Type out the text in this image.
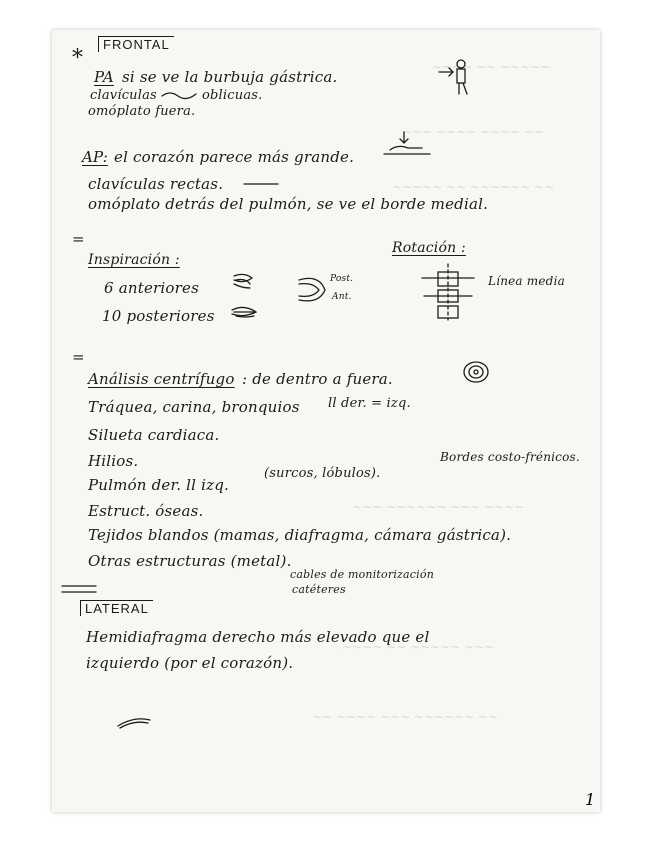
~~~~ ~~ ~~~~~
~~~ ~~~~ ~~~~ ~~
~~~~~ ~~ ~~~~~~ ~~
~~~ ~~~~~~ ~~~ ~~~~
~~~~ ~~ ~~~~~ ~~~
~~ ~~~~ ~~~ ~~~~~~ ~~
*
FRONTAL
PA si se ve la burbuja gástrica.
clavículas	oblicuas.
omóplato fuera.
AP: el corazón parece más grande.
clavículas rectas.
omóplato detrás del pulmón, se ve el borde medial.
=
Inspiración :
6 anteriores
10 posteriores
Post.
Ant.
Rotación :
Línea media
=
Análisis centrífugo : de dentro a fuera.
Tráquea, carina, bronquios ll der. = izq.
Silueta cardiaca.
Hilios.	Bordes costo-frénicos.
Pulmón der. ll izq.
(surcos, lóbulos).
Estruct. óseas.
Tejidos blandos (mamas, diafragma, cámara gástrica).
Otras estructuras (metal).
cables de monitorización
catéteres
LATERAL
Hemidiafragma derecho más elevado que el
izquierdo (por el corazón).
1
